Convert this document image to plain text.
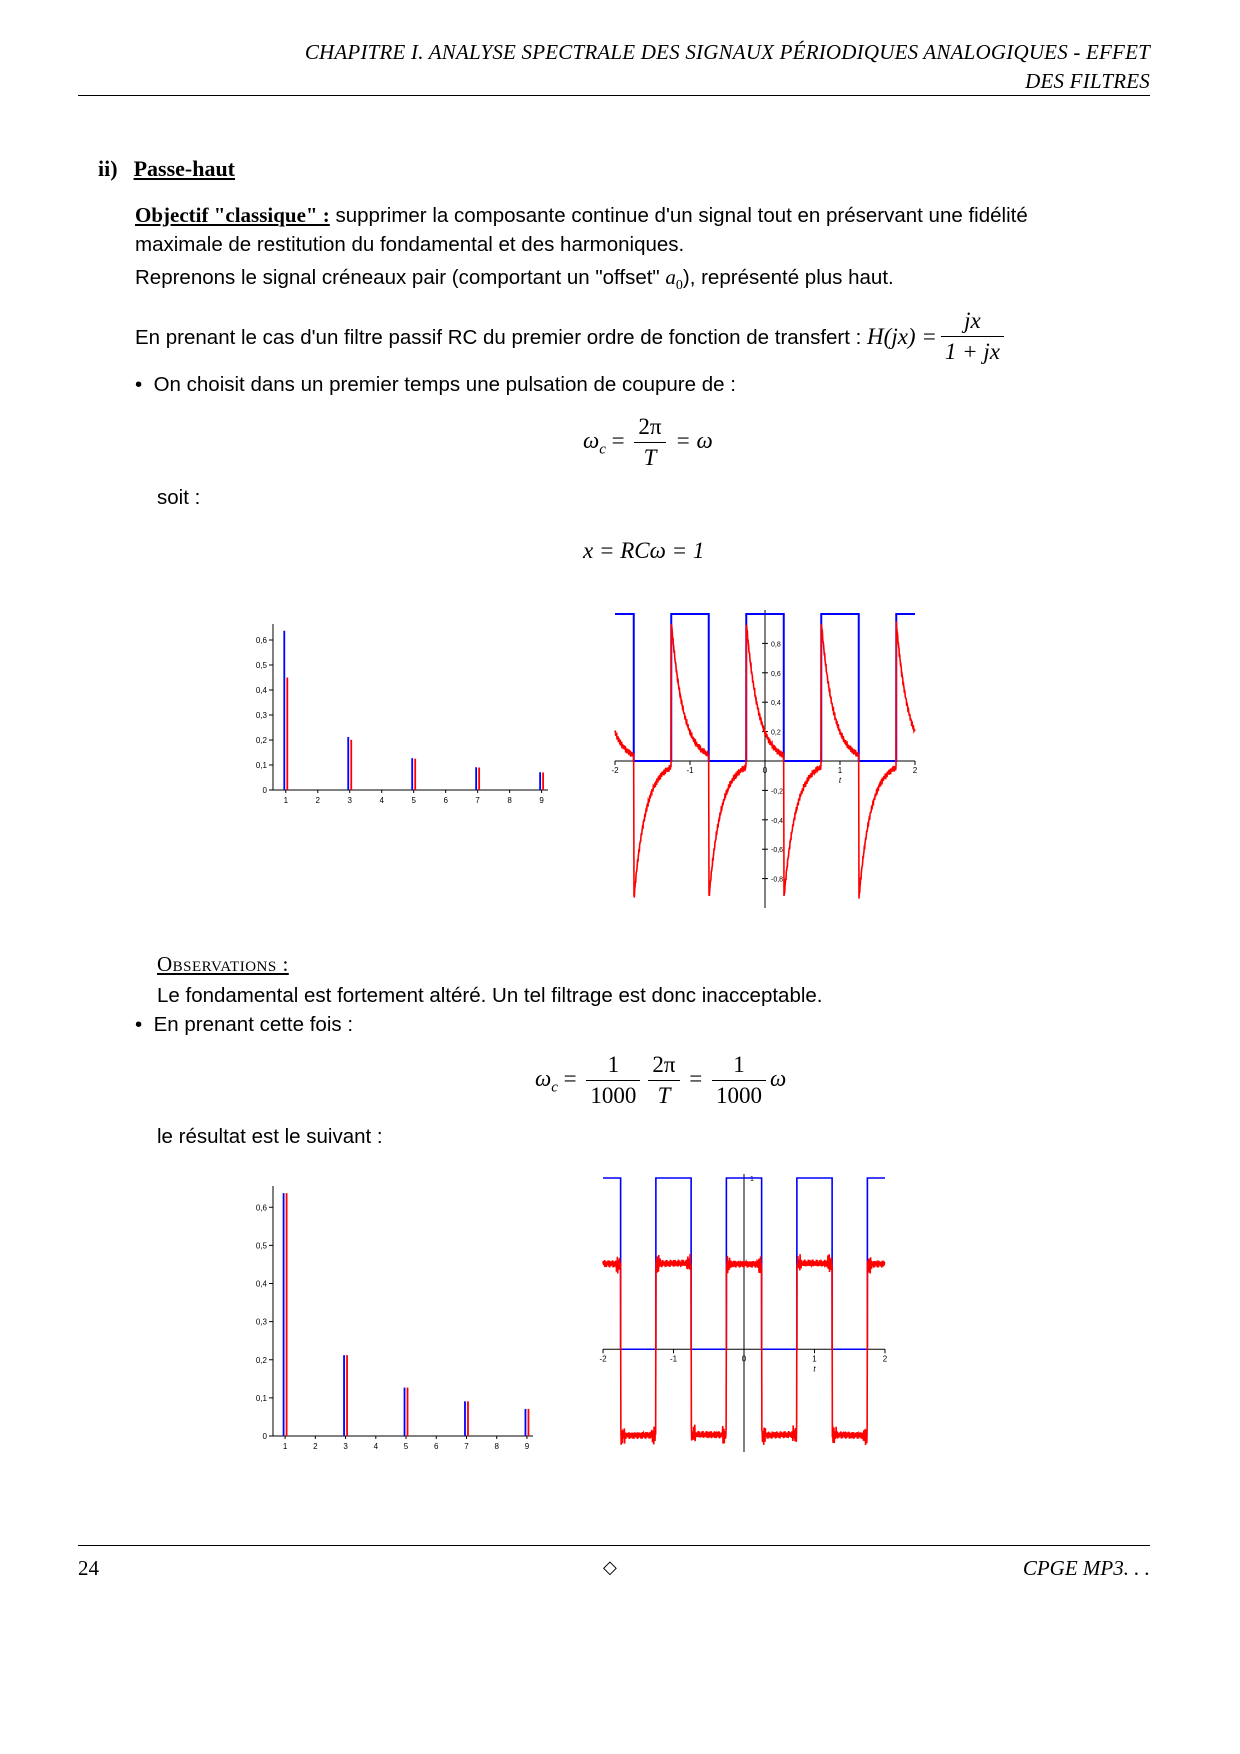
CHAPITRE I. ANALYSE SPECTRALE DES SIGNAUX PÉRIODIQUES ANALOGIQUES - EFFET
DES FILTRES
ii) Passe-haut
Objectif "classique" : supprimer la composante continue d'un signal tout en préservant une fidélité
maximale de restitution du fondamental et des harmoniques.
Reprenons le signal créneaux pair (comportant un "offset" $a_0$), représenté plus haut.
En prenant le cas d'un filtre passif RC du premier ordre de fonction de transfert : $H(jx) = \frac{jx}{1 + jx}$
• On choisit dans un premier temps une pulsation de coupure de :
$\omega_c = \frac{2\pi}{T} = \omega$
soit :
x = RCω = 1
0
0,1
0,2
0,3
0,4
0,5
0,6
1	2	3	4	5	6	7	8	9
-2	-1	0	1	2
t
0,8
0,6
0,4
0,2
-0,2
-0,4
-0,6
-0,8
Observations :
Le fondamental est fortement altéré. Un tel filtrage est donc inacceptable.
• En prenant cette fois :
$\omega_c = \frac{1}{1000} \frac{2\pi}{T} = \frac{1}{1000}$ ω
le résultat est le suivant :
0
0,1
0,2
0,3
0,4
0,5
0,6
1	2	3	4	5	6	7	8	9
-2	-1	0	1	2
t
1
0,5
24	◇	CPGE MP3. . .
